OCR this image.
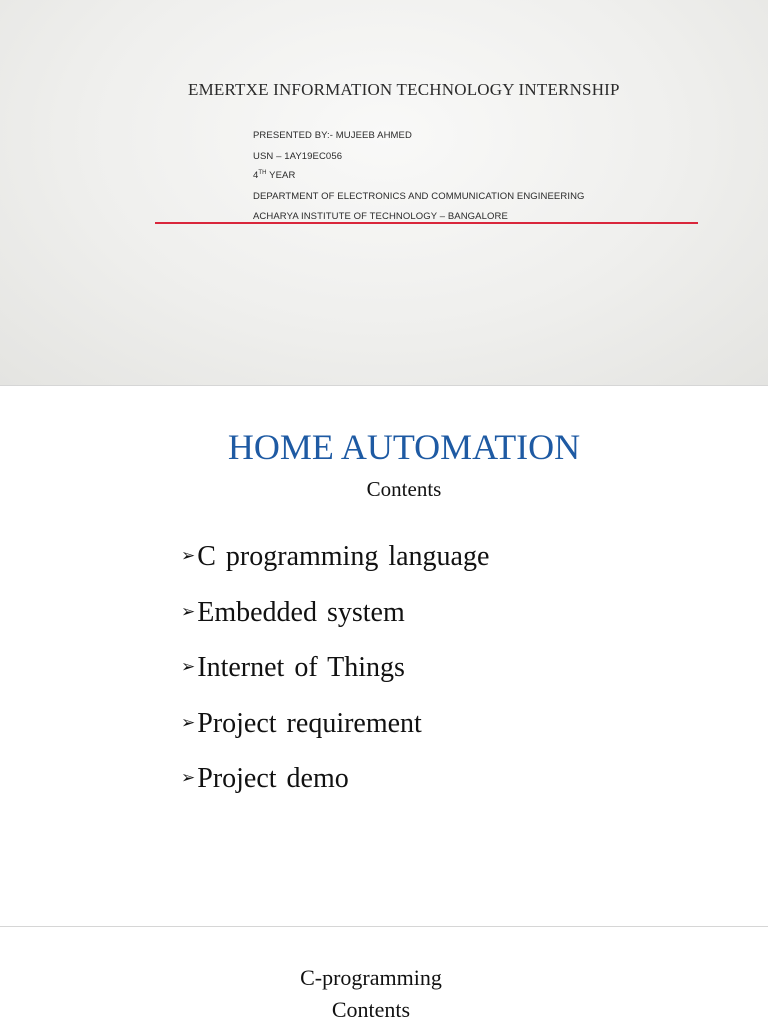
EMERTXE INFORMATION TECHNOLOGY INTERNSHIP
PRESENTED BY:- MUJEEB AHMED
USN – 1AY19EC056
4TH YEAR
DEPARTMENT OF ELECTRONICS AND COMMUNICATION ENGINEERING
ACHARYA INSTITUTE OF TECHNOLOGY – BANGALORE
HOME AUTOMATION
Contents
➢C programming language
➢Embedded system
➢Internet of Things
➢Project requirement
➢Project demo
C-programming
Contents
